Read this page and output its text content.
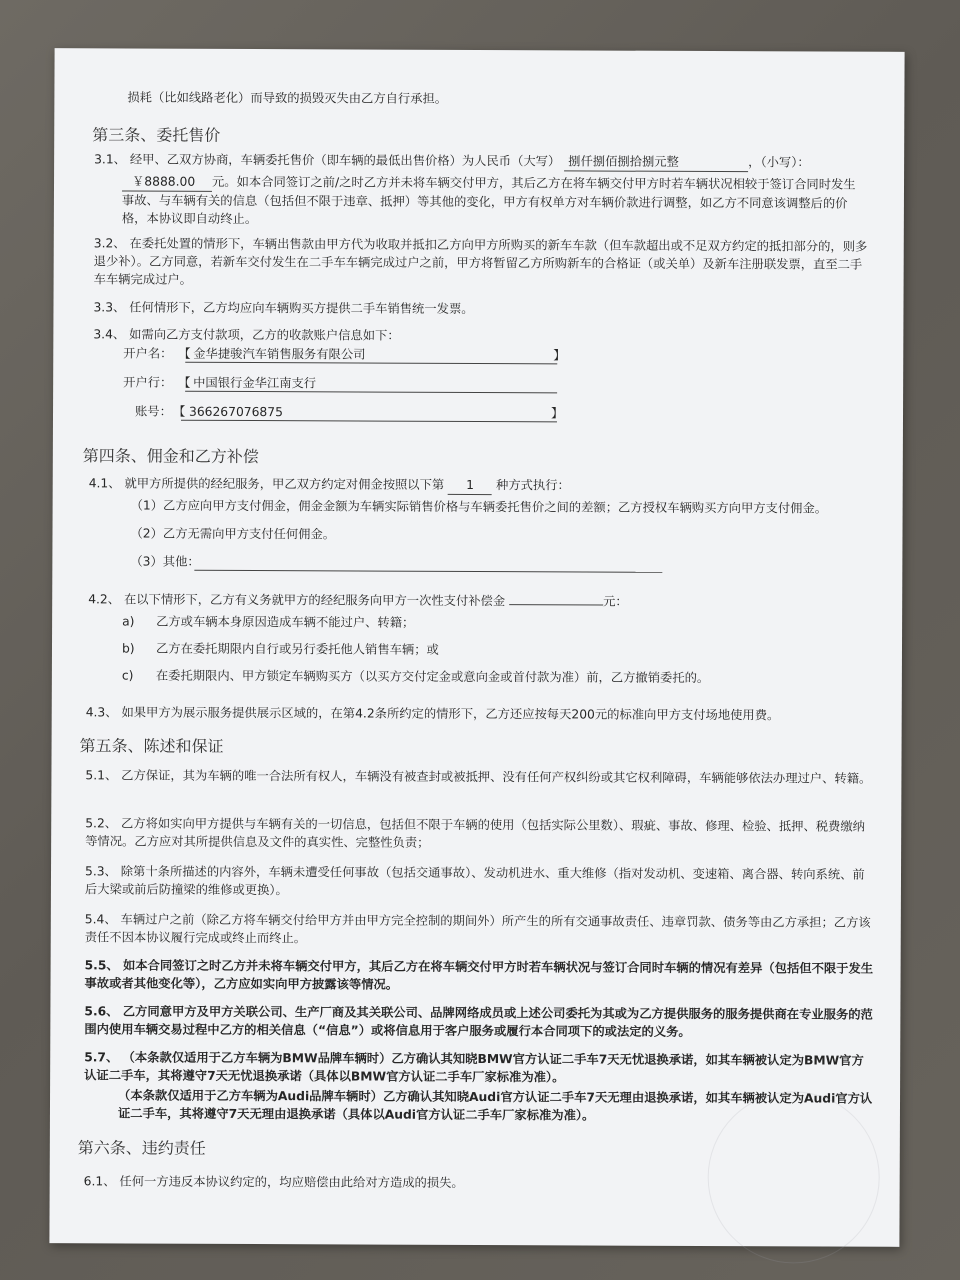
损耗（比如线路老化）而导致的损毁灭失由乙方自行承担。
第三条、委托售价
3.1、 经甲、乙双方协商，车辆委托售价（即车辆的最低出售价格）为人民币（大写） 捌仟捌佰捌拾捌元整	，（小写）：
￥8888.00 元。如本合同签订之前/之时乙方并未将车辆交付甲方，其后乙方在将车辆交付甲方时若车辆状况相较于签订合同时发生事故、与车辆有关的信息（包括但不限于违章、抵押）等其他的变化，甲方有权单方对车辆价款进行调整，如乙方不同意该调整后的价格，本协议即自动终止。
3.2、 在委托处置的情形下，车辆出售款由甲方代为收取并抵扣乙方向甲方所购买的新车车款（但车款超出或不足双方约定的抵扣部分的，则多退少补）。乙方同意，若新车交付发生在二手车车辆完成过户之前，甲方将暂留乙方所购新车的合格证（或关单）及新车注册联发票，直至二手车车辆完成过户。
3.3、 任何情形下，乙方均应向车辆购买方提供二手车销售统一发票。
3.4、 如需向乙方支付款项，乙方的收款账户信息如下：
开户名： 【 金华捷骏汽车销售服务有限公司	】
开户行： 【 中国银行金华江南支行
账号： 【 366267076875	】
第四条、佣金和乙方补偿
4.1、 就甲方所提供的经纪服务，甲乙双方约定对佣金按照以下第 1 种方式执行：
（1）乙方应向甲方支付佣金，佣金金额为车辆实际销售价格与车辆委托售价之间的差额；乙方授权车辆购买方向甲方支付佣金。
（2）乙方无需向甲方支付任何佣金。
（3）其他：
4.2、 在以下情形下，乙方有义务就甲方的经纪服务向甲方一次性支付补偿金	元：
a) 乙方或车辆本身原因造成车辆不能过户、转籍；
b) 乙方在委托期限内自行或另行委托他人销售车辆；或
c) 在委托期限内、甲方锁定车辆购买方（以买方交付定金或意向金或首付款为准）前，乙方撤销委托的。
4.3、 如果甲方为展示服务提供展示区域的，在第4.2条所约定的情形下，乙方还应按每天200元的标准向甲方支付场地使用费。
第五条、陈述和保证
5.1、 乙方保证，其为车辆的唯一合法所有权人，车辆没有被查封或被抵押、没有任何产权纠纷或其它权利障碍，车辆能够依法办理过户、转籍。
5.2、 乙方将如实向甲方提供与车辆有关的一切信息，包括但不限于车辆的使用（包括实际公里数）、瑕疵、事故、修理、检验、抵押、税费缴纳等情况。乙方应对其所提供信息及文件的真实性、完整性负责；
5.3、 除第十条所描述的内容外，车辆未遭受任何事故（包括交通事故）、发动机进水、重大维修（指对发动机、变速箱、离合器、转向系统、前后大梁或前后防撞梁的维修或更换）。
5.4、 车辆过户之前（除乙方将车辆交付给甲方并由甲方完全控制的期间外）所产生的所有交通事故责任、违章罚款、债务等由乙方承担；乙方该责任不因本协议履行完成或终止而终止。
5.5、 如本合同签订之时乙方并未将车辆交付甲方，其后乙方在将车辆交付甲方时若车辆状况与签订合同时车辆的情况有差异（包括但不限于发生事故或者其他变化等），乙方应如实向甲方披露该等情况。
5.6、 乙方同意甲方及甲方关联公司、生产厂商及其关联公司、品牌网络成员或上述公司委托为其或为乙方提供服务的服务提供商在专业服务的范围内使用车辆交易过程中乙方的相关信息（“信息”）或将信息用于客户服务或履行本合同项下的或法定的义务。
5.7、 （本条款仅适用于乙方车辆为BMW品牌车辆时）乙方确认其知晓BMW官方认证二手车7天无忧退换承诺，如其车辆被认定为BMW官方认证二手车，其将遵守7天无忧退换承诺（具体以BMW官方认证二手车厂家标准为准）。
（本条款仅适用于乙方车辆为Audi品牌车辆时）乙方确认其知晓Audi官方认证二手车7天无理由退换承诺，如其车辆被认定为Audi官方认证二手车，其将遵守7天无理由退换承诺（具体以Audi官方认证二手车厂家标准为准）。
第六条、违约责任
6.1、 任何一方违反本协议约定的，均应赔偿由此给对方造成的损失。
